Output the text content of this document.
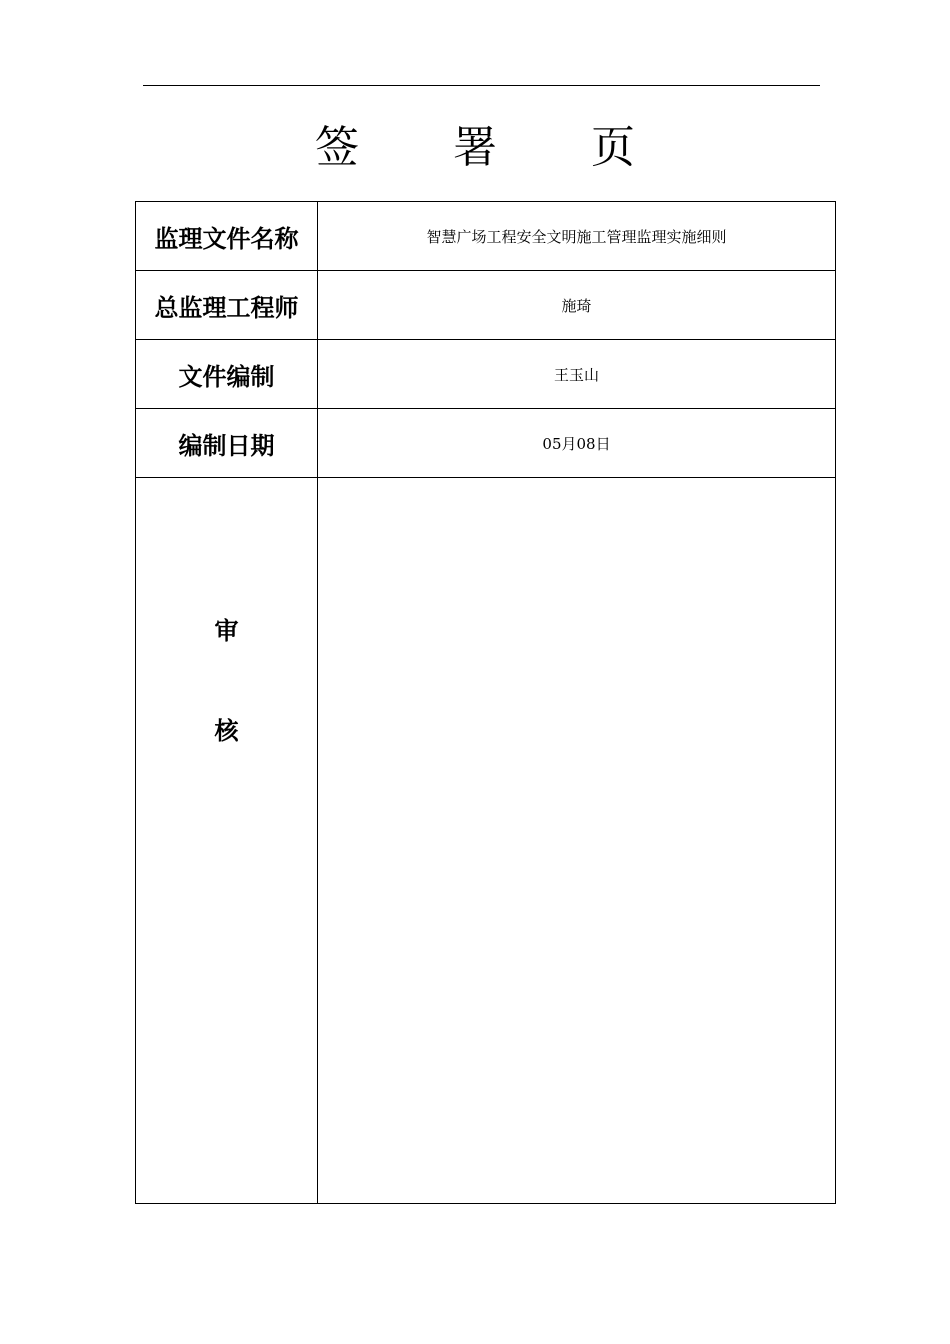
签 署 页
监理文件名称	智慧广场工程安全文明施工管理监理实施细则
总监理工程师	施琦
文件编制	王玉山
编制日期	05月08日

审
核	
